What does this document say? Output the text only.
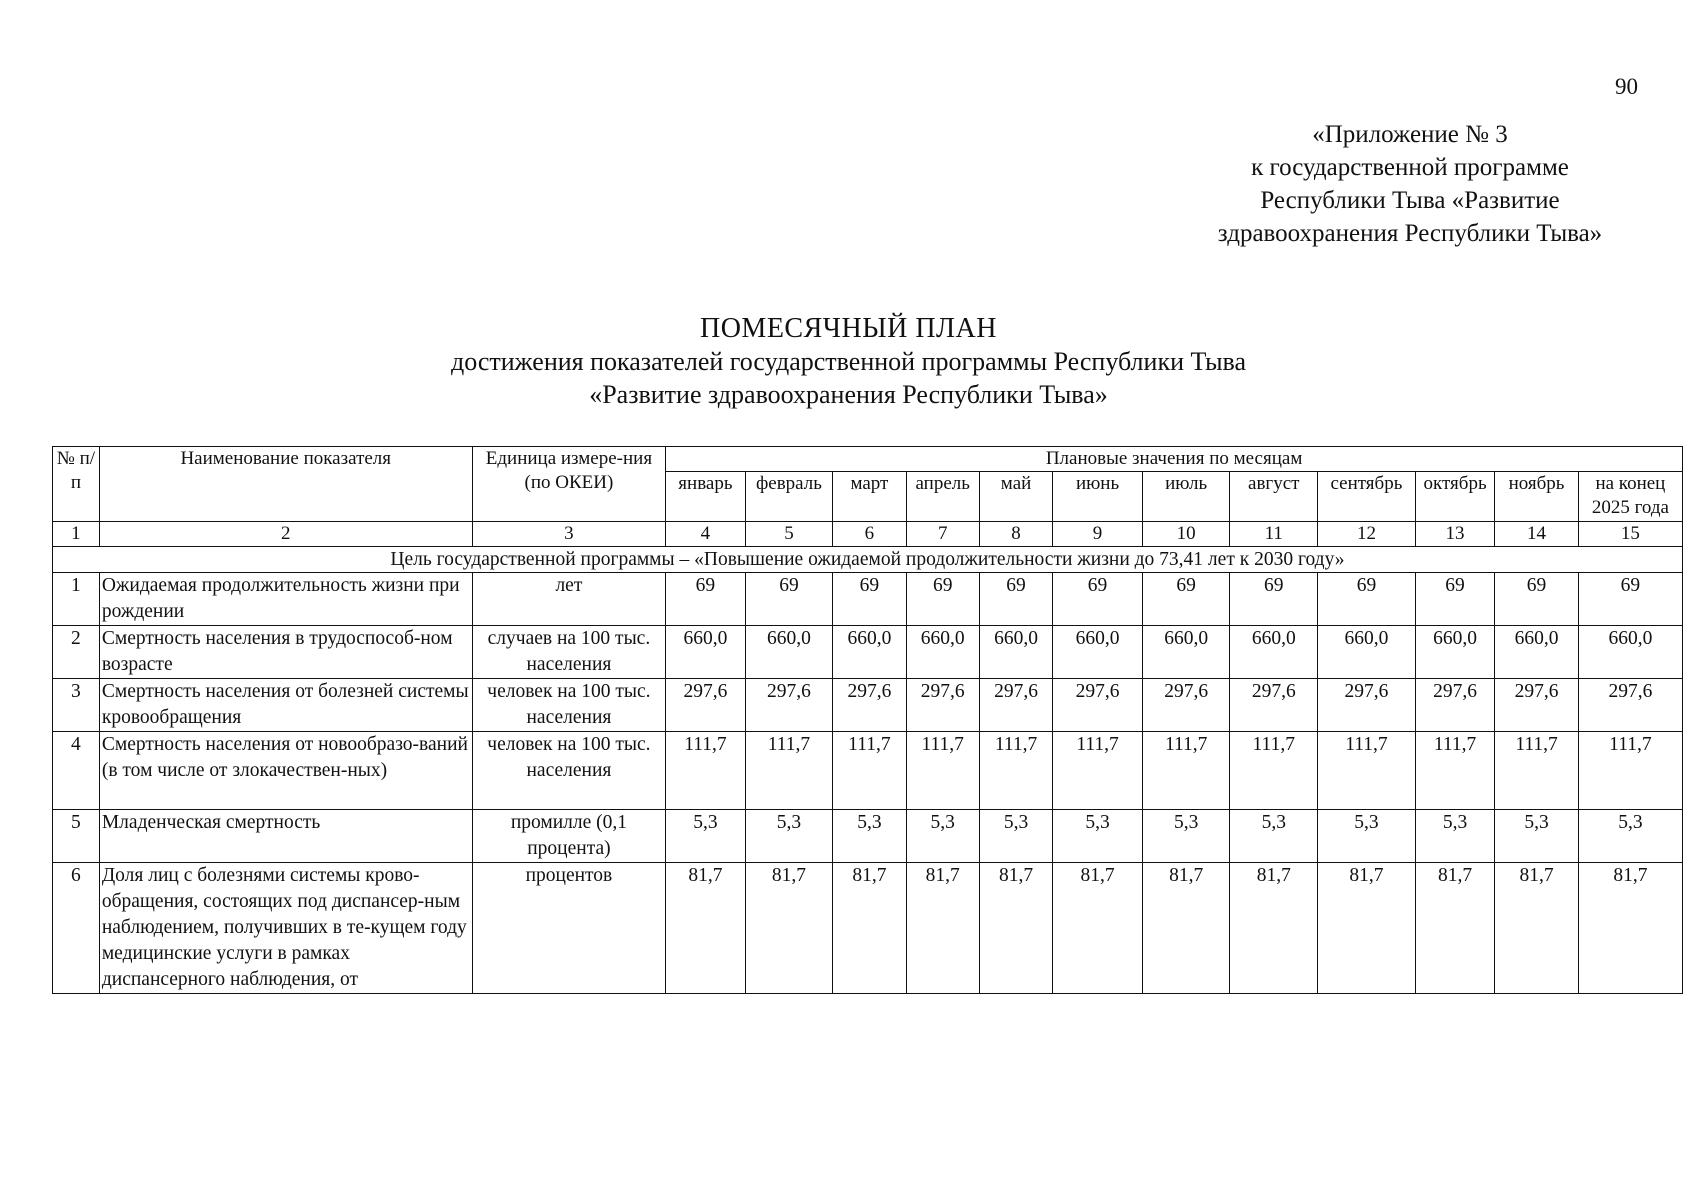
90
«Приложение № 3
к государственной программе
Республики Тыва «Развитие
здравоохранения Республики Тыва»
ПОМЕСЯЧНЫЙ ПЛАН
достижения показателей государственной программы Республики Тыва
«Развитие здравоохранения Республики Тыва»
№ п/п	Наименование показателя	Единица измере-ния (по ОКЕИ)	Плановые значения по месяцам											
			январь	февраль	март	апрель	май	июнь	июль	август	сентябрь	октябрь	ноябрь	на конец 2025 года
1	2	3	4	5	6	7	8	9	10	11	12	13	14	15
Цель государственной программы – «Повышение ожидаемой продолжительности жизни до 73,41 лет к 2030 году»														
1	Ожидаемая продолжительность жизни при рождении	лет	69	69	69	69	69	69	69	69	69	69	69	69
2	Смертность населения в трудоспособ-ном возрасте	случаев на 100 тыс. населения	660,0	660,0	660,0	660,0	660,0	660,0	660,0	660,0	660,0	660,0	660,0	660,0
3	Смертность населения от болезней системы кровообращения	человек на 100 тыс. населения	297,6	297,6	297,6	297,6	297,6	297,6	297,6	297,6	297,6	297,6	297,6	297,6
4	Смертность населения от новообразо-ваний (в том числе от злокачествен-ных)	человек на 100 тыс. населения	111,7	111,7	111,7	111,7	111,7	111,7	111,7	111,7	111,7	111,7	111,7	111,7
5	Младенческая смертность	промилле (0,1 процента)	5,3	5,3	5,3	5,3	5,3	5,3	5,3	5,3	5,3	5,3	5,3	5,3
6	Доля лиц с болезнями системы крово-обращения, состоящих под диспансер-ным наблюдением, получивших в те-кущем году медицинские услуги в рамках диспансерного наблюдения, от	процентов	81,7	81,7	81,7	81,7	81,7	81,7	81,7	81,7	81,7	81,7	81,7	81,7
